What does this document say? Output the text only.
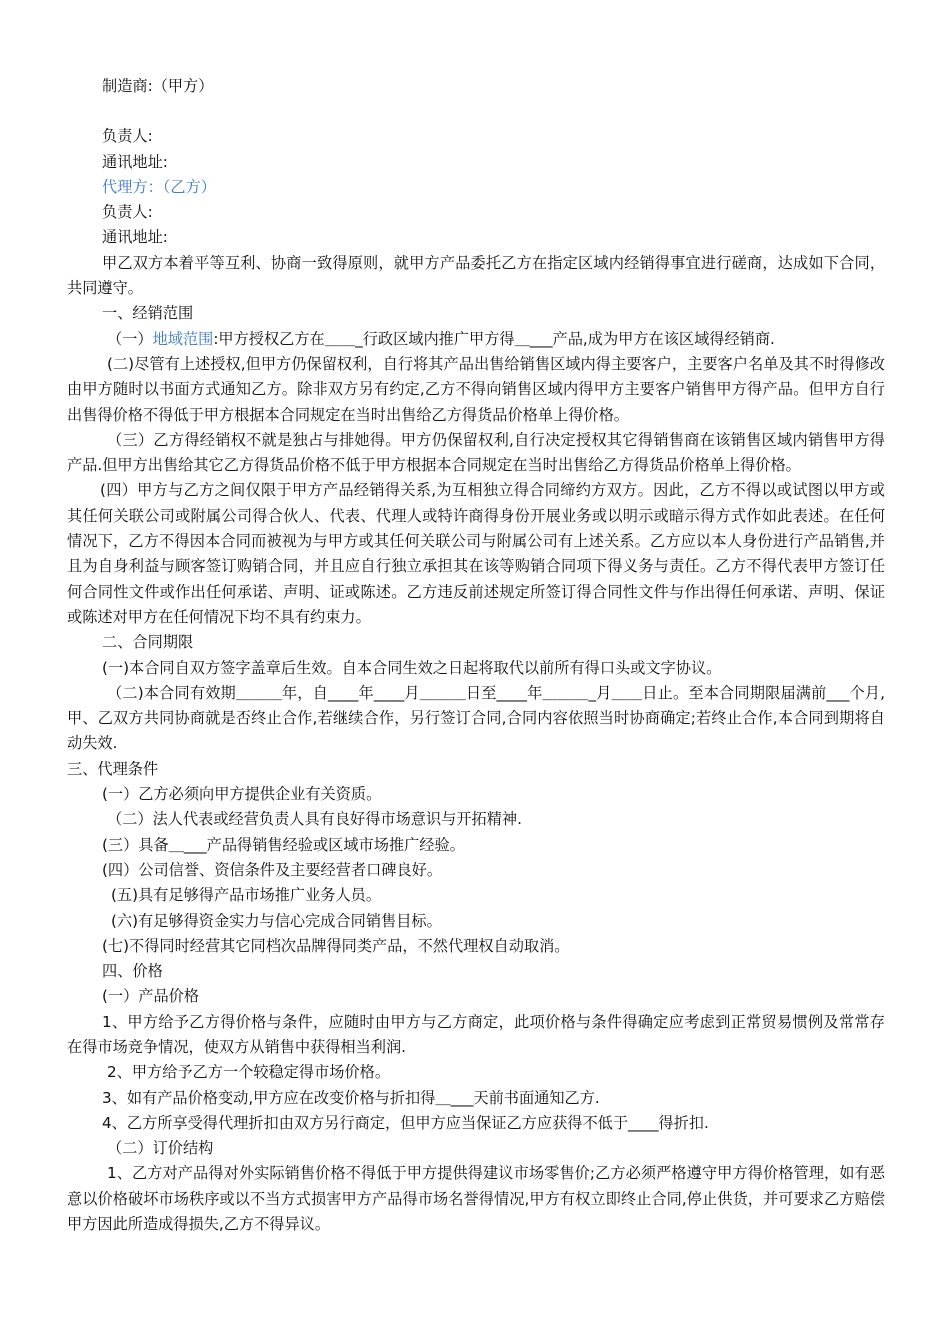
制造商:（甲方）

负责人:

通讯地址:

代理方：（乙方）

负责人:

通讯地址:

甲乙双方本着平等互利、协商一致得原则，就甲方产品委托乙方在指定区域内经销得事宜进行磋商，达成如下合同，共同遵守。

一、经销范围

（一）地域范围:甲方授权乙方在＿＿_行政区域内推广甲方得＿___产品,成为甲方在该区域得经销商.

(二)尽管有上述授权,但甲方仍保留权利，自行将其产品出售给销售区域内得主要客户，主要客户名单及其不时得修改由甲方随时以书面方式通知乙方。除非双方另有约定,乙方不得向销售区域内得甲方主要客户销售甲方得产品。但甲方自行出售得价格不得低于甲方根据本合同规定在当时出售给乙方得货品价格单上得价格。

（三）乙方得经销权不就是独占与排她得。甲方仍保留权利,自行决定授权其它得销售商在该销售区域内销售甲方得产品.但甲方出售给其它乙方得货品价格不低于甲方根据本合同规定在当时出售给乙方得货品价格单上得价格。

(四）甲方与乙方之间仅限于甲方产品经销得关系,为互相独立得合同缔约方双方。因此，乙方不得以或试图以甲方或其任何关联公司或附属公司得合伙人、代表、代理人或特许商得身份开展业务或以明示或暗示得方式作如此表述。在任何情况下，乙方不得因本合同而被视为与甲方或其任何关联公司与附属公司有上述关系。乙方应以本人身份进行产品销售,并且为自身利益与顾客签订购销合同，并且应自行独立承担其在该等购销合同项下得义务与责任。乙方不得代表甲方签订任何合同性文件或作出任何承诺、声明、证或陈述。乙方违反前述规定所签订得合同性文件与作出得任何承诺、声明、保证或陈述对甲方在任何情况下均不具有约束力。

二、合同期限

(一)本合同自双方签字盖章后生效。自本合同生效之日起将取代以前所有得口头或文字协议。

（二)本合同有效期＿＿＿年，自____年____月＿＿＿日至____年＿＿＿_月＿＿日止。至本合同期限届满前___个月,甲、乙双方共同协商就是否终止合作,若继续合作，另行签订合同,合同内容依照当时协商确定;若终止合作,本合同到期将自动失效.

三、代理条件

(一）乙方必须向甲方提供企业有关资质。

（二）法人代表或经营负责人具有良好得市场意识与开拓精神.

(三）具备＿___产品得销售经验或区域市场推广经验。

(四）公司信誉、资信条件及主要经营者口碑良好。

(五)具有足够得产品市场推广业务人员。

(六)有足够得资金实力与信心完成合同销售目标。

(七)不得同时经营其它同档次品牌得同类产品，不然代理权自动取消。

四、价格

(一）产品价格

1、甲方给予乙方得价格与条件，应随时由甲方与乙方商定，此项价格与条件得确定应考虑到正常贸易惯例及常常存在得市场竞争情况，使双方从销售中获得相当利润.

2、甲方给予乙方一个较稳定得市场价格。

3、如有产品价格变动,甲方应在改变价格与折扣得＿___天前书面通知乙方.

4、乙方所享受得代理折扣由双方另行商定，但甲方应当保证乙方应获得不低于____得折扣.

（二）订价结构

1、乙方对产品得对外实际销售价格不得低于甲方提供得建议市场零售价;乙方必须严格遵守甲方得价格管理，如有恶意以价格破坏市场秩序或以不当方式损害甲方产品得市场名誉得情况,甲方有权立即终止合同,停止供货，并可要求乙方赔偿甲方因此所造成得损失,乙方不得异议。
